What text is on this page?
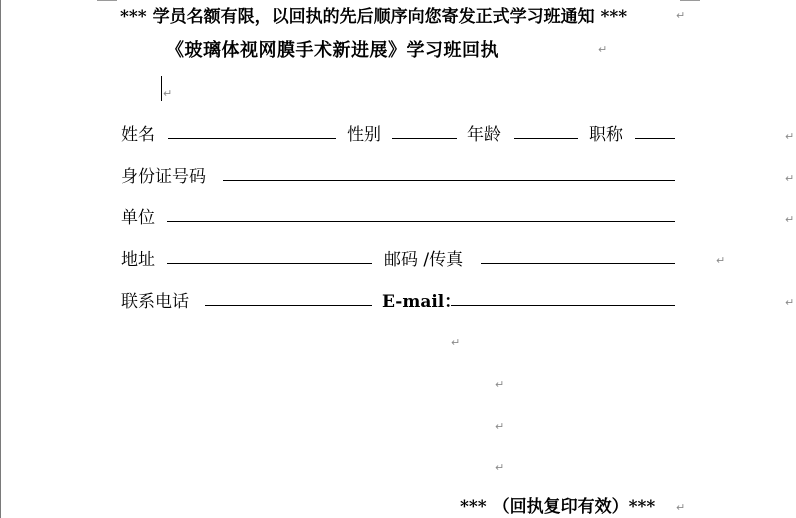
*** 学员名额有限，以回执的先后顺序向您寄发正式学习班通知 ***	↵
《玻璃体视网膜手术新进展》学习班回执	↵
↵
姓名	性别	年龄	职称	↵
身份证号码	↵
单位	↵
地址	邮码 /传真	↵
联系电话	E-mail：	↵
↵
↵
↵
↵
*** （回执复印有效）*** ↵
